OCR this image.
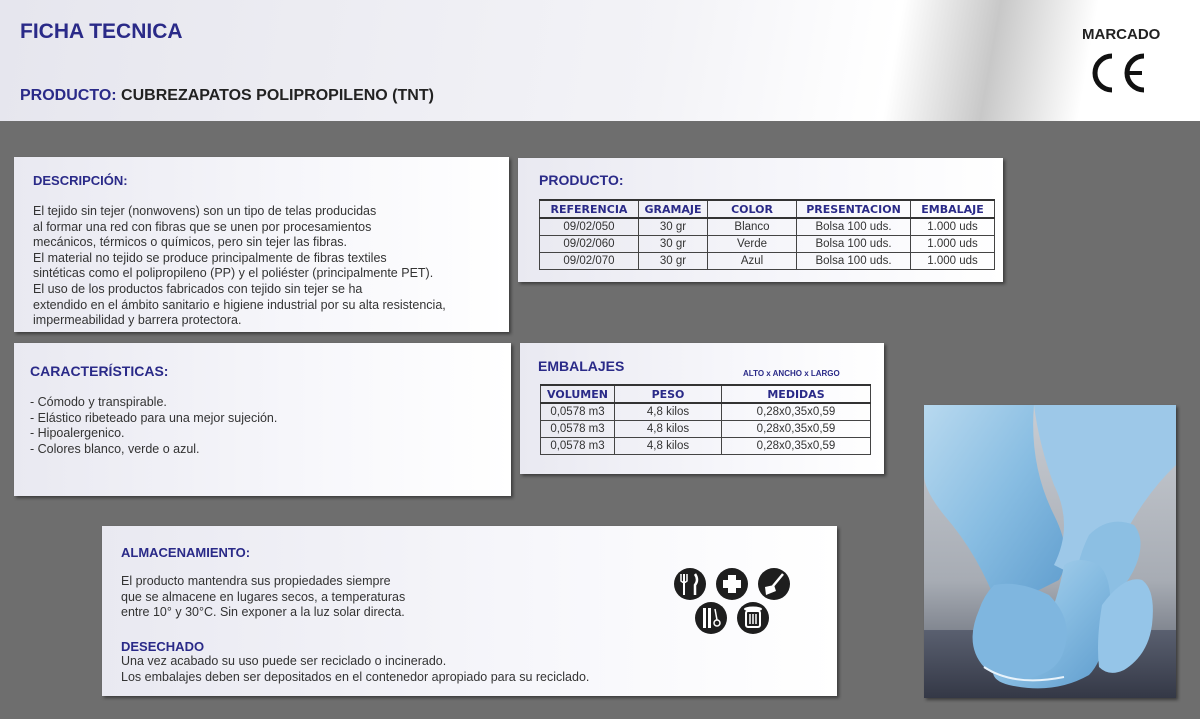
FICHA TECNICA
PRODUCTO: CUBREZAPATOS POLIPROPILENO (TNT)
MARCADO
DESCRIPCIÓN:
El tejido sin tejer (nonwovens) son un tipo de telas producidas
al formar una red con fibras que se unen por procesamientos
mecánicos, térmicos o químicos, pero sin tejer las fibras.
El material no tejido se produce principalmente de fibras textiles
sintéticas como el polipropileno (PP) y el poliéster (principalmente PET).
El uso de los productos fabricados con tejido sin tejer se ha
extendido en el ámbito sanitario e higiene industrial por su alta resistencia,
impermeabilidad y barrera protectora.
PRODUCTO:
REFERENCIA	GRAMAJE	COLOR	PRESENTACION	EMBALAJE
09/02/050	30 gr	Blanco	Bolsa 100 uds.	1.000 uds
09/02/060	30 gr	Verde	Bolsa 100 uds.	1.000 uds
09/02/070	30 gr	Azul	Bolsa 100 uds.	1.000 uds
CARACTERÍSTICAS:
- Cómodo y transpirable.
- Elástico ribeteado para una mejor sujeción.
- Hipoalergenico.
- Colores blanco, verde o azul.
EMBALAJES	ALTO x ANCHO x LARGO
VOLUMEN	PESO	MEDIDAS
0,0578 m3	4,8 kilos	0,28x0,35x0,59
0,0578 m3	4,8 kilos	0,28x0,35x0,59
0,0578 m3	4,8 kilos	0,28x0,35x0,59
ALMACENAMIENTO:
El producto mantendra sus propiedades siempre
que se almacene en lugares secos, a temperaturas
entre 10° y 30°C. Sin exponer a la luz solar directa.
DESECHADO
Una vez acabado su uso puede ser reciclado o incinerado.
Los embalajes deben ser depositados en el contenedor apropiado para su reciclado.
